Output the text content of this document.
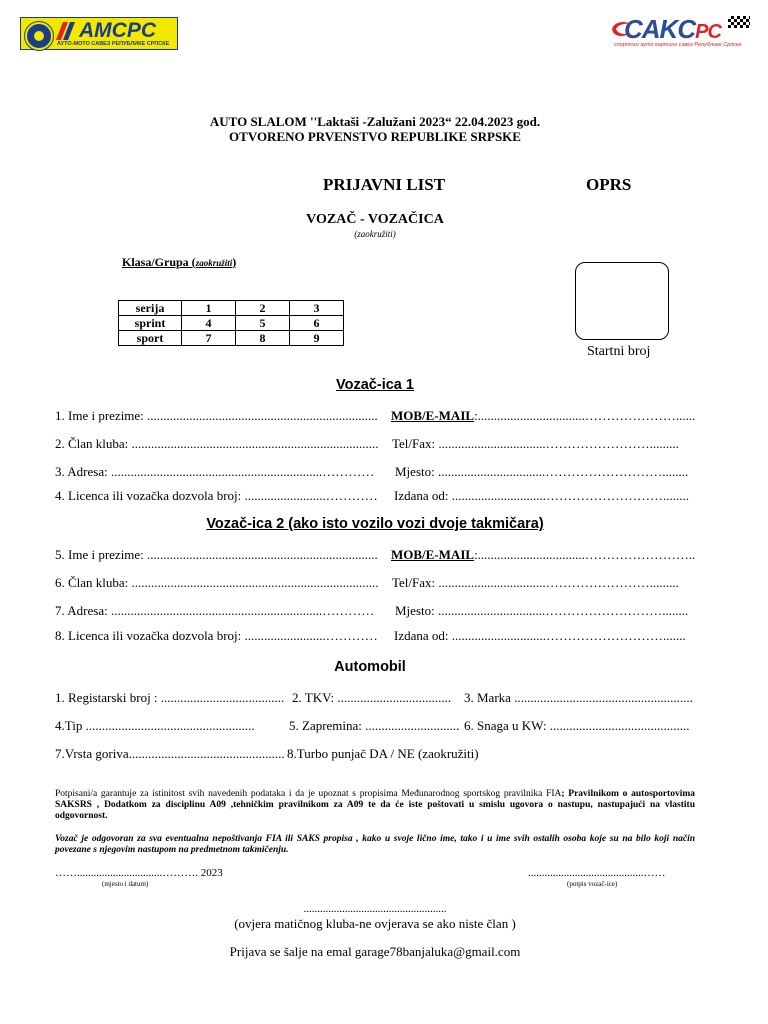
AMCPC
АУТО-МОТО САВЕЗ РЕПУБЛИКЕ СРПСКЕ	CAKCPC
спортски ауто картинг савез Републике Српске
AUTO SLALOM ''Laktaši -Zalužani 2023“ 22.04.2023 god.
OTVORENO PRVENSTVO REPUBLIKE SRPSKE
PRIJAVNI LIST	OPRS
VOZAČ - VOZAČICA
(zaokružiti)
Klasa/Grupa (zaokružiti)
serija	1	2	3
sprint	4	5	6
sport	7	8	9
Startni broj
Vozač-ica 1
1. Ime i prezime: ....................................................................... MOB/E-MAIL:.................................…………………......
2. Član kluba: ............................................................................ Tel/Fax: .................................…………………….........
3. Adresa: .................................................................………… Mjesto: .................................………………………........
4. Licenca ili vozačka dozvola broj: .........................………… Izdana od: .............................………………………........
Vozač-ica 2 (ako isto vozilo vozi dvoje takmičara)
5. Ime i prezime: ....................................................................... MOB/E-MAIL:.................................……………………..
6. Član kluba: ............................................................................ Tel/Fax: .................................…………………….........
7. Adresa: .................................................................………… Mjesto: .................................………………………........
8. Licenca ili vozačka dozvola broj: .........................………… Izdana od: .............................……………………….......
Automobil
1. Registarski broj : ...................................... 2. TKV: ................................... 3. Marka .......................................................
4.Tip ....................................................	5. Zapremina: ............................. 6. Snaga u KW: ...........................................
7.Vrsta goriva................................................ 8.Turbo punjač DA / NE (zaokružiti)
Potpisani/a garantuje za istinitost svih navedenih podataka i da je upoznat s propisima Međunarodnog sportskog pravilnika FIA; Pravilnikom o autosportovima SAKSRS , Dodatkom za disciplinu A09 ,tehničkim pravilnikom za A09 te da će iste poštovati u smislu ugovora o nastupu, nastupajući na vlastitu odgovornost.
Vozač je odgovoran za sva eventualna nepoštivanja FIA ili SAKS propisa , kako u svoje lično ime, tako i u ime svih ostalih osoba koje su na bilo koji način povezane s njegovim nastupom na predmetnom takmičenju.
……...............................………. 2023
(mjesto i datum)
..........................................……
(potpis vozač-ice)
....................................................
(ovjera matičnog kluba-ne ovjerava se ako niste član )
Prijava se šalje na emal garage78banjaluka@gmail.com
